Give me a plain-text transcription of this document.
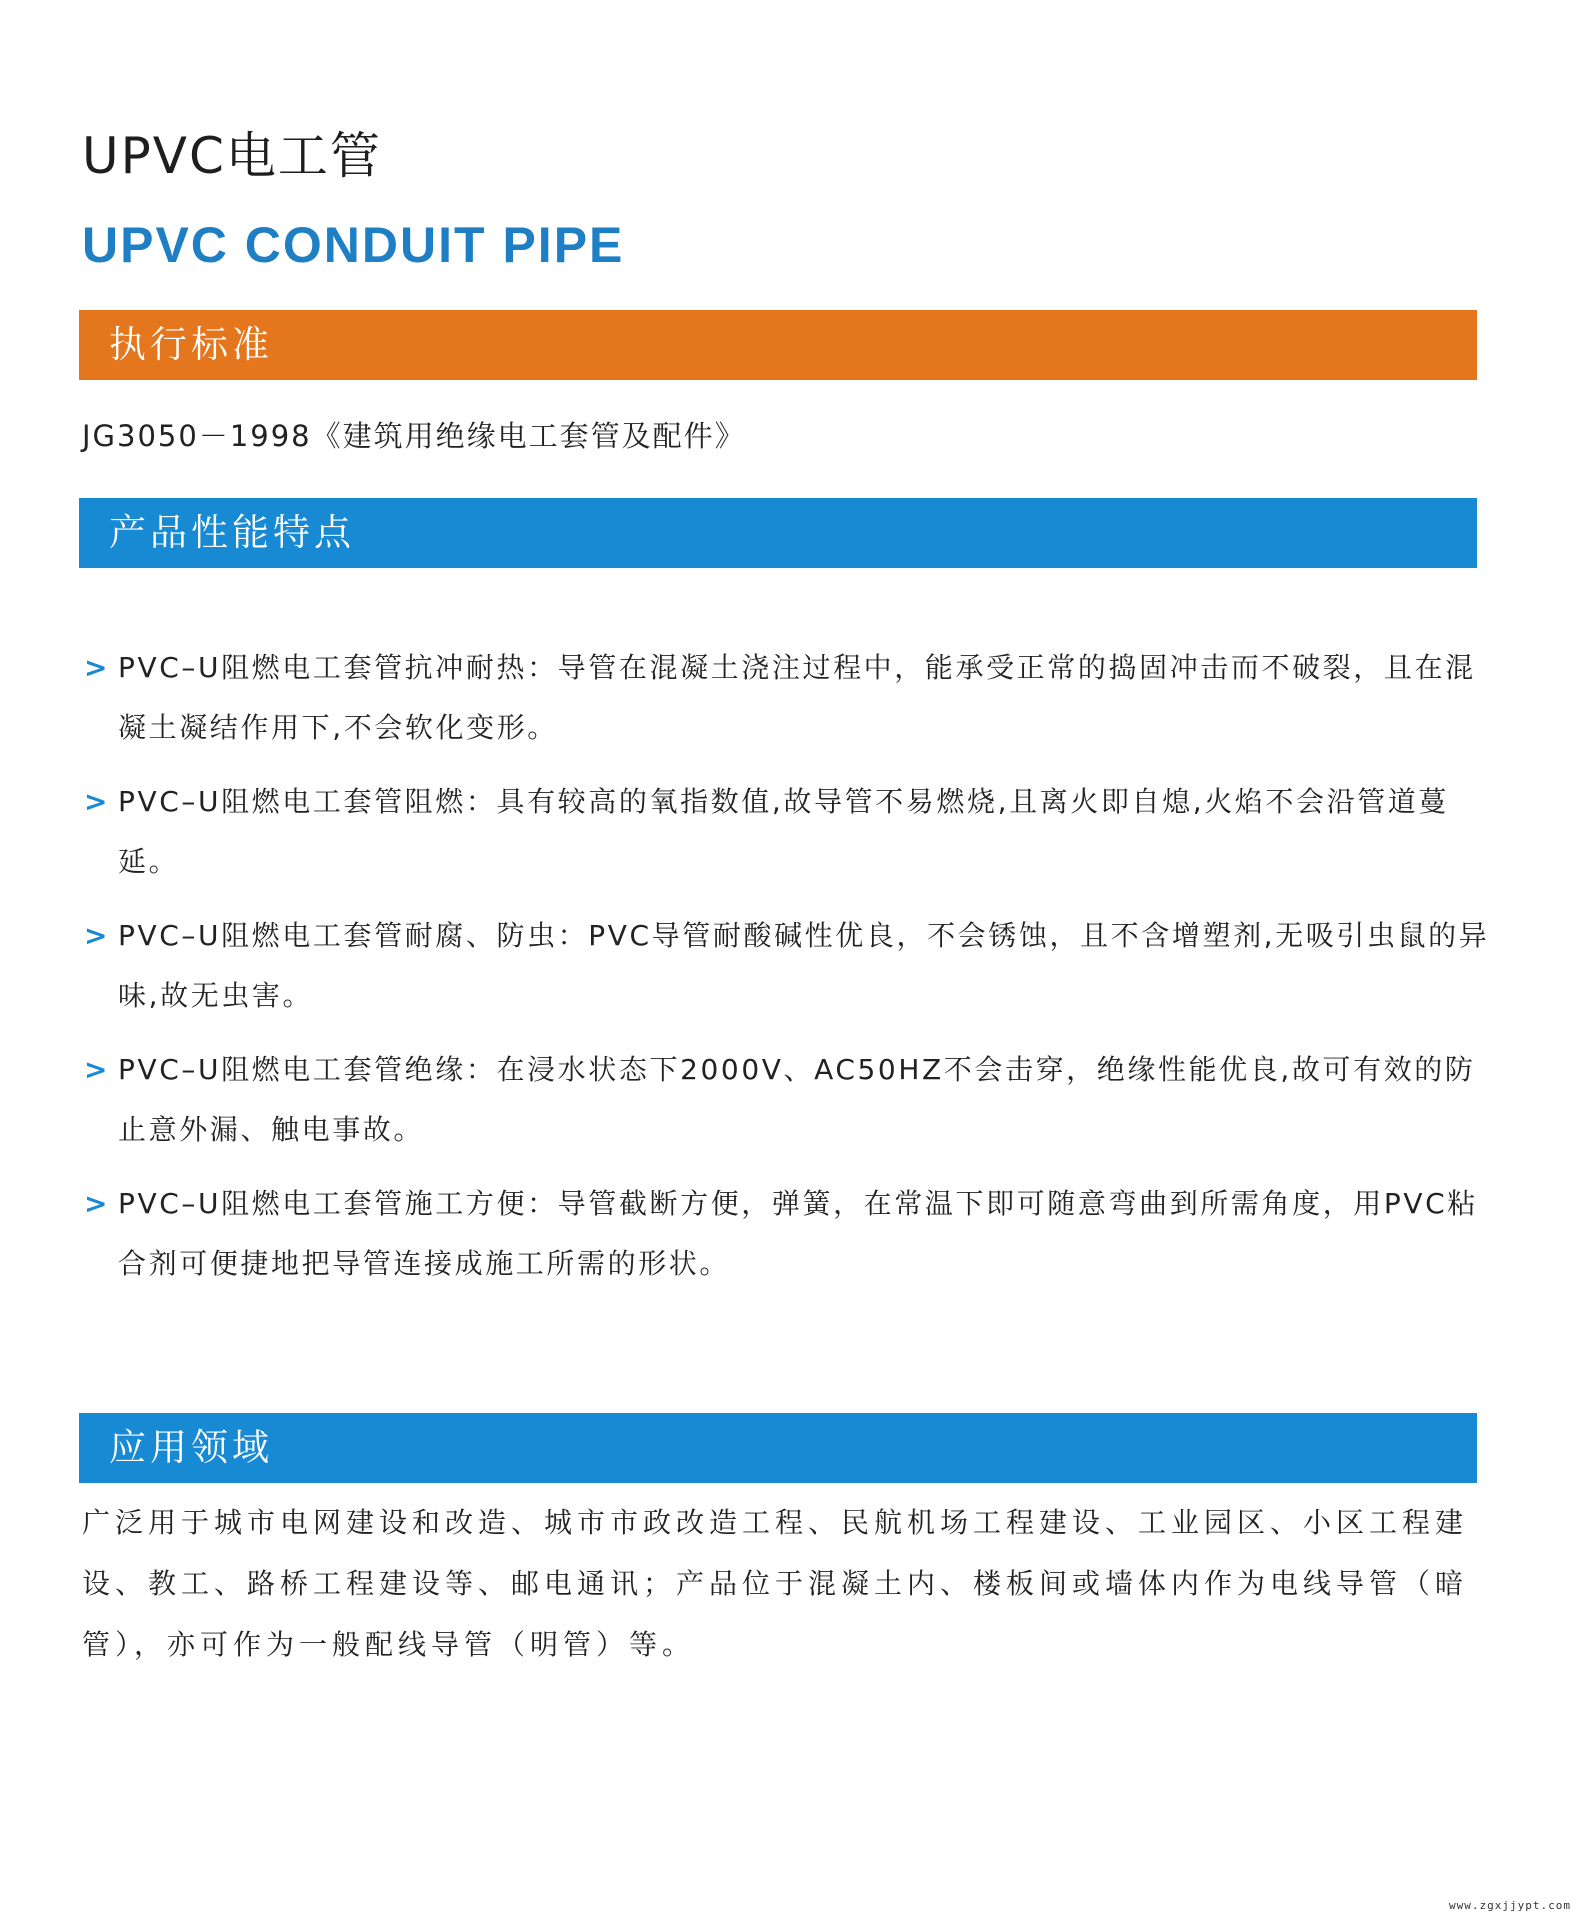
UPVC电工管
UPVC CONDUIT PIPE
执行标准
JG3050－1998《建筑用绝缘电工套管及配件》
产品性能特点
> PVC–U阻燃电工套管抗冲耐热：导管在混凝土浇注过程中，能承受正常的捣固冲击而不破裂，且在混凝土凝结作用下,不会软化变形。
> PVC–U阻燃电工套管阻燃：具有较高的氧指数值,故导管不易燃烧,且离火即自熄,火焰不会沿管道蔓延。
> PVC–U阻燃电工套管耐腐、防虫：PVC导管耐酸碱性优良，不会锈蚀，且不含增塑剂,无吸引虫鼠的异味,故无虫害。
> PVC–U阻燃电工套管绝缘：在浸水状态下2000V、AC50HZ不会击穿，绝缘性能优良,故可有效的防止意外漏、触电事故。
> PVC–U阻燃电工套管施工方便：导管截断方便，弹簧，在常温下即可随意弯曲到所需角度，用PVC粘合剂可便捷地把导管连接成施工所需的形状。
应用领域
广泛用于城市电网建设和改造、城市市政改造工程、民航机场工程建设、工业园区、小区工程建设、教工、路桥工程建设等、邮电通讯；产品位于混凝土内、楼板间或墙体内作为电线导管（暗管），亦可作为一般配线导管（明管）等。
www.zgxjjypt.com
